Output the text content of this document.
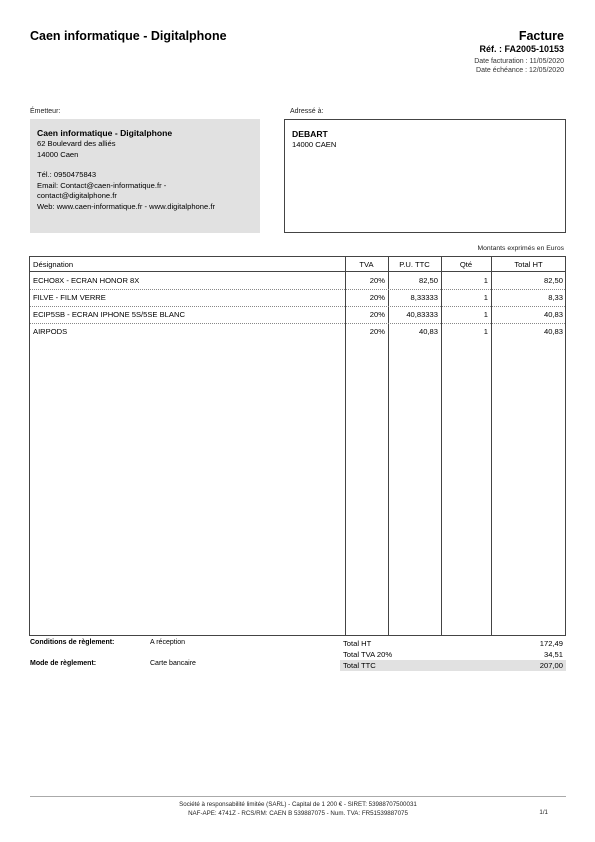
Caen informatique - Digitalphone	Facture
Réf. : FA2005-10153
Date facturation : 11/05/2020
Date échéance : 12/05/2020
Émetteur:	Adressé à:
Caen informatique - Digitalphone
62 Boulevard des alliés
14000 Caen
Tél.: 0950475843
Email: Contact@caen-informatique.fr -
contact@digitalphone.fr
Web: www.caen-informatique.fr - www.digitalphone.fr
DEBART
14000 CAEN
Montants exprimés en Euros
Désignation	TVA	P.U. TTC	Qté	Total HT
ECHO8X - ECRAN HONOR 8X	20%	82,50	1	82,50
FILVE - FILM VERRE	20%	8,33333	1	8,33
ECIP5SB - ECRAN IPHONE 5S/5SE BLANC	20%	40,83333	1	40,83
AIRPODS	20%	40,83	1	40,83
Conditions de règlement:	A réception
Mode de règlement:	Carte bancaire
Total HT	172,49
Total TVA 20%	34,51
Total TTC	207,00
Société à responsabilité limitée (SARL) - Capital de 1 200 € - SIRET: 53988707500031
NAF-APE: 4741Z - RCS/RM: CAEN B 539887075 - Num. TVA: FR51539887075	1/1
